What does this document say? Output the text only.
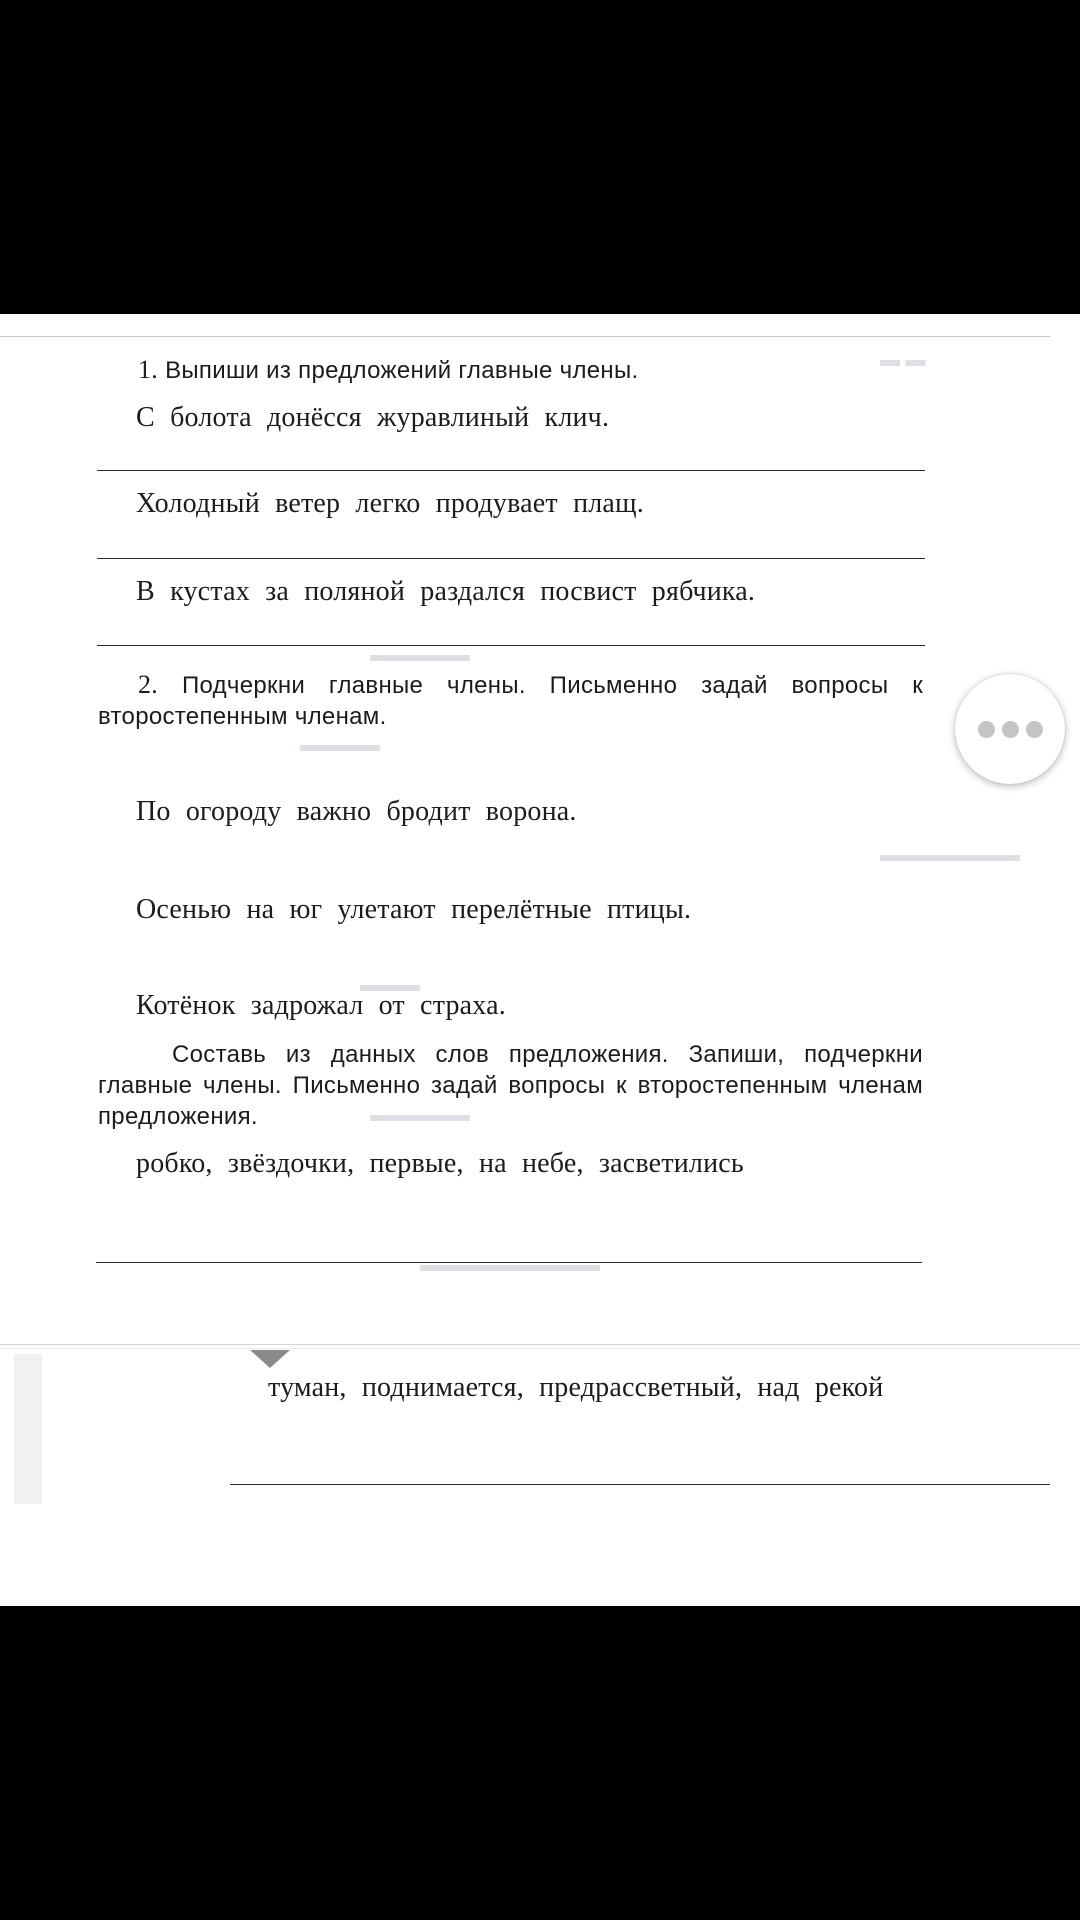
▬ ▬
▬▬▬▬▬
▬▬▬▬
▬▬▬▬▬▬▬
▬▬▬
▬▬▬▬▬
▬▬▬▬▬▬▬▬▬
1. Выпиши из предложений главные члены.
С болота донёсся журавлиный клич.
Холодный ветер легко продувает плащ.
В кустах за поляной раздался посвист рябчика.
2. Подчеркни главные члены. Письменно задай вопросы к второстепенным членам.
По огороду важно бродит ворона.
Осенью на юг улетают перелётные птицы.
Котёнок задрожал от страха.
Составь из данных слов предложения. Запиши, подчеркни главные члены. Письменно задай вопросы к второстепенным членам предложения.
робко, звёздочки, первые, на небе, засветились
туман, поднимается, предрассветный, над рекой
